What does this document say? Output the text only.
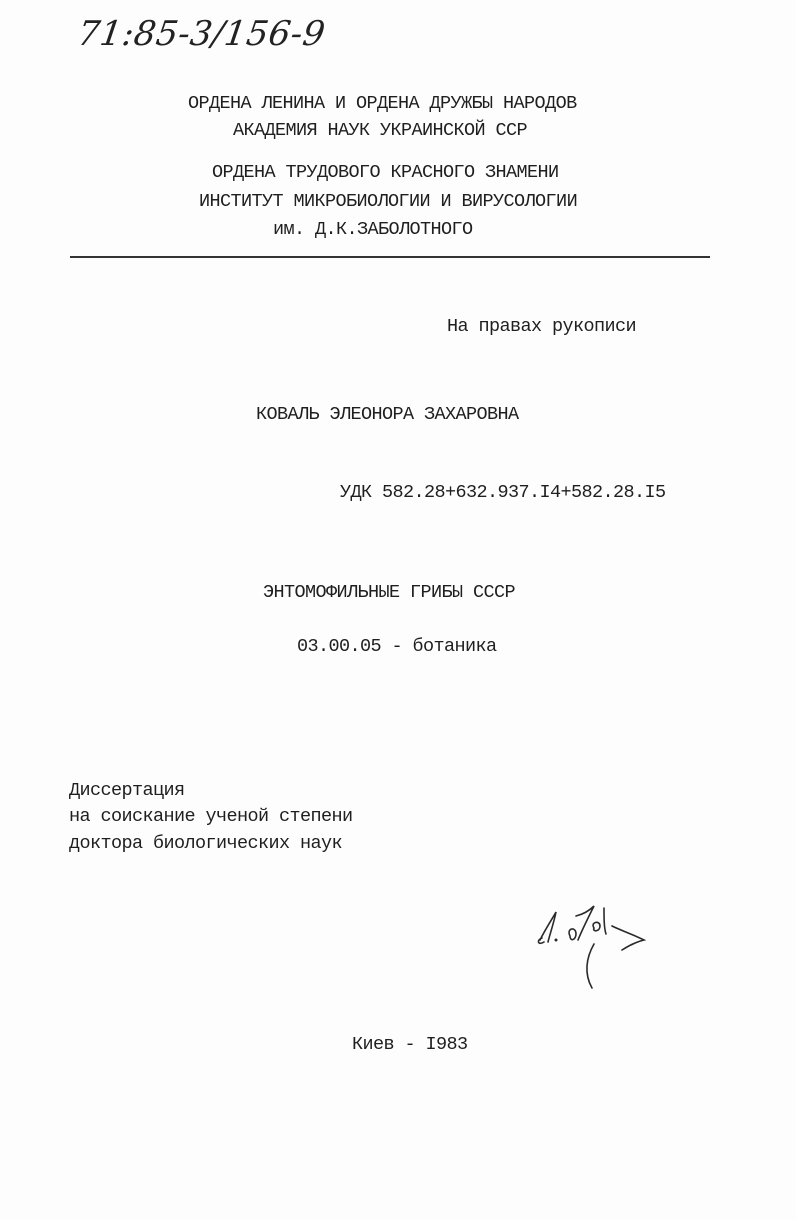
71:85-3/156-9
ОРДЕНА ЛЕНИНА И ОРДЕНА ДРУЖБЫ НАРОДОВ
АКАДЕМИЯ НАУК УКРАИНСКОЙ ССР
ОРДЕНА ТРУДОВОГО КРАСНОГО ЗНАМЕНИ
ИНСТИТУТ МИКРОБИОЛОГИИ И ВИРУСОЛОГИИ
им. Д.К.ЗАБОЛОТНОГО
На правах рукописи
КОВАЛЬ ЭЛЕОНОРА ЗАХАРОВНА
УДК 582.28+632.937.I4+582.28.I5
ЭНТОМОФИЛЬНЫЕ ГРИБЫ СССР
03.00.05 - ботаника
Диссертация
на соискание ученой степени
доктора биологических наук
Киев - I983
